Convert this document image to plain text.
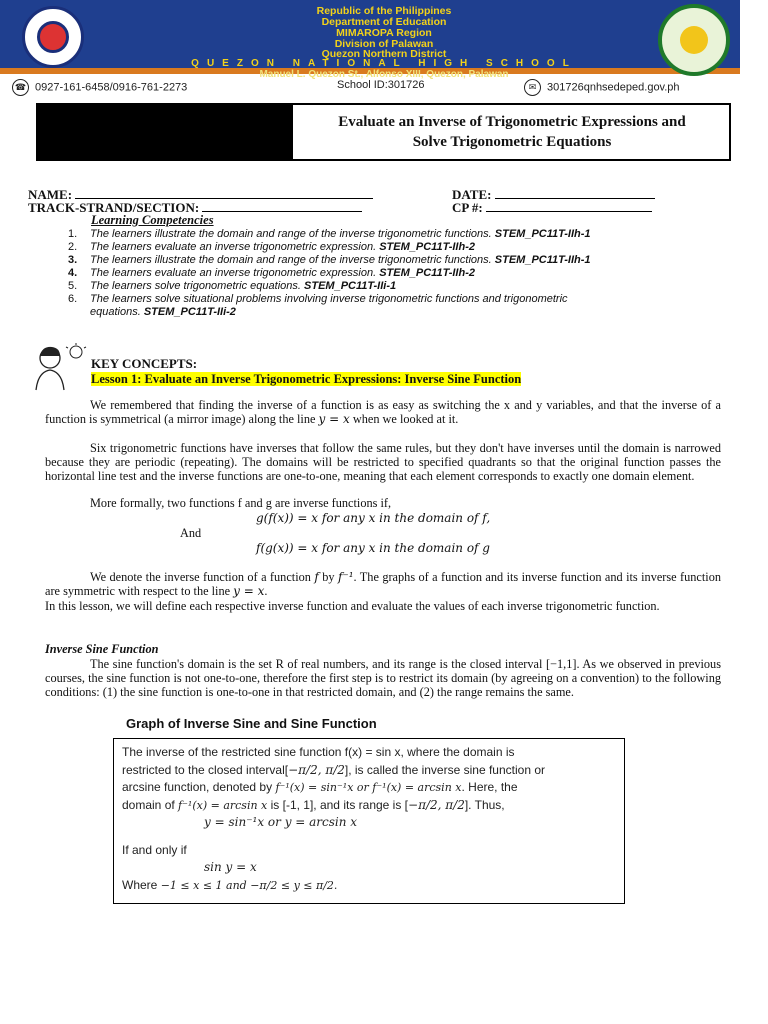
Republic of the Philippines
Department of Education
MIMAROPA Region
Division of Palawan
Quezon Northern District
QUEZON NATIONAL HIGH SCHOOL
Manuel L. Quezon St., Alfonso XIII, Quezon, Palawan
☎ 0927-161-6458/0916-761-2273	School ID:301726	✉ 301726qnhsedeped.gov.ph
Evaluate an Inverse of Trigonometric Expressions and
Solve Trigonometric Equations
NAME:
TRACK-STRAND/SECTION:
DATE:
CP #:
Learning Competencies
1. The learners illustrate the domain and range of the inverse trigonometric functions. STEM_PC11T-IIh-1
2. The learners evaluate an inverse trigonometric expression. STEM_PC11T-IIh-2
3. The learners illustrate the domain and range of the inverse trigonometric functions. STEM_PC11T-IIh-1
4. The learners evaluate an inverse trigonometric expression. STEM_PC11T-IIh-2
5. The learners solve trigonometric equations. STEM_PC11T-IIi-1
6. The learners solve situational problems involving inverse trigonometric functions and trigonometric
equations. STEM_PC11T-IIi-2
KEY CONCEPTS:
Lesson 1: Evaluate an Inverse Trigonometric Expressions: Inverse Sine Function
We remembered that finding the inverse of a function is as easy as switching the x and y variables, and that the inverse of a function is symmetrical (a mirror image) along the line y = x when we looked at it.
Six trigonometric functions have inverses that follow the same rules, but they don't have inverses until the domain is narrowed because they are periodic (repeating). The domains will be restricted to specified quadrants so that the original function passes the horizontal line test and the inverse functions are one-to-one, meaning that each element corresponds to exactly one domain element.
More formally, two functions f and g are inverse functions if,
g(f(x)) = x for any x in the domain of f,
And
f(g(x)) = x for any x in the domain of g
We denote the inverse function of a function f by f⁻¹. The graphs of a function and its inverse function and its inverse function are symmetric with respect to the line y = x.
In this lesson, we will define each respective inverse function and evaluate the values of each inverse trigonometric function.
Inverse Sine Function
The sine function's domain is the set R of real numbers, and its range is the closed interval [−1,1]. As we observed in previous courses, the sine function is not one-to-one, therefore the first step is to restrict its domain (by agreeing on a convention) to the following conditions: (1) the sine function is one-to-one in that restricted domain, and (2) the range remains the same.
Graph of Inverse Sine and Sine Function
The inverse of the restricted sine function f(x) = sin x, where the domain is
restricted to the closed interval[−π/2, π/2], is called the inverse sine function or
arcsine function, denoted by f⁻¹(x) = sin⁻¹x or f⁻¹(x) = arcsin x. Here, the
domain of f⁻¹(x) = arcsin x is [-1, 1], and its range is [−π/2, π/2]. Thus,
y = sin⁻¹x or y = arcsin x
If and only if
sin y = x
Where −1 ≤ x ≤ 1 and −π/2 ≤ y ≤ π/2.
